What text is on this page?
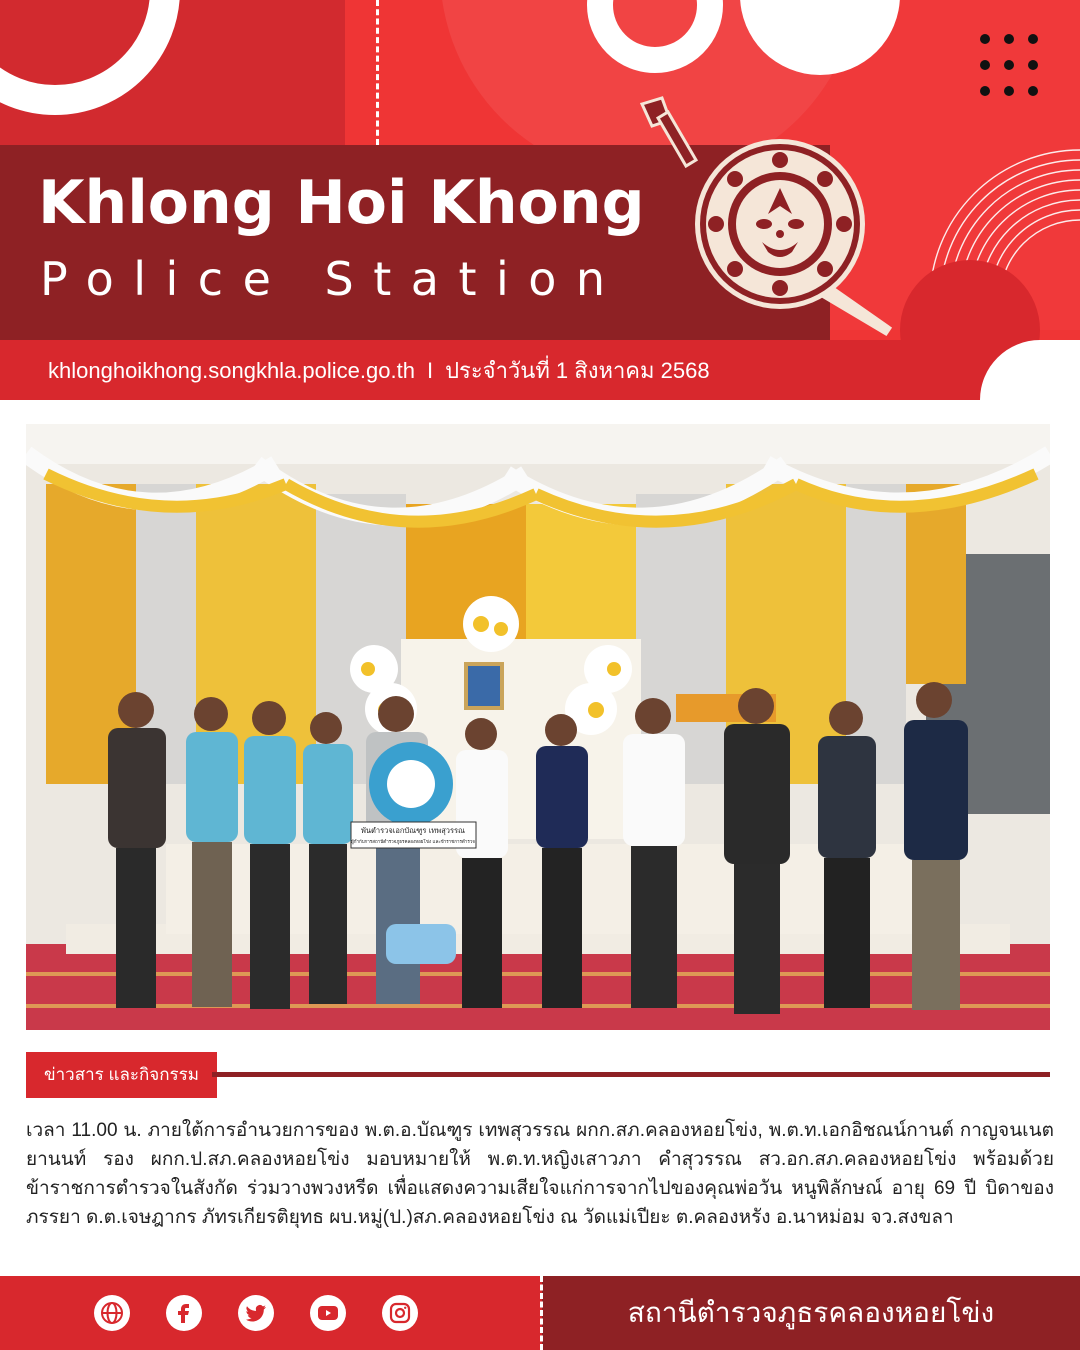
Khlong Hoi Khong
Police Station
khlonghoikhong.songkhla.police.go.th I ประจำวันที่ 1 สิงหาคม 2568
พันตำรวจเอกบัณฑูร เทพสุวรรณ
ผู้กำกับการสถานีตำรวจภูธรคลองหอยโข่ง และข้าราชการตำรวจ
ข่าวสาร และกิจกรรม
เวลา 11.00 น. ภายใต้การอำนวยการของ พ.ต.อ.บัณฑูร เทพสุวรรณ ผกก.สภ.คลองหอยโข่ง, พ.ต.ท.เอกอิชณน์กานต์ กาญจนเนตยานนท์ รอง ผกก.ป.สภ.คลองหอยโข่ง มอบหมายให้ พ.ต.ท.หญิงเสาวภา คำสุวรรณ สว.อก.สภ.คลองหอยโข่ง พร้อมด้วยข้าราชการตำรวจในสังกัด ร่วมวางพวงหรีด เพื่อแสดงความเสียใจแก่การจากไปของคุณพ่อวัน หนูพิลักษณ์ อายุ 69 ปี บิดาของภรรยา ด.ต.เจษฎากร ภัทรเกียรติยุทธ ผบ.หมู่(ป.)สภ.คลองหอยโข่ง ณ วัดแม่เปียะ ต.คลองหรัง อ.นาหม่อม จว.สงขลา
สถานีตำรวจภูธรคลองหอยโข่ง
